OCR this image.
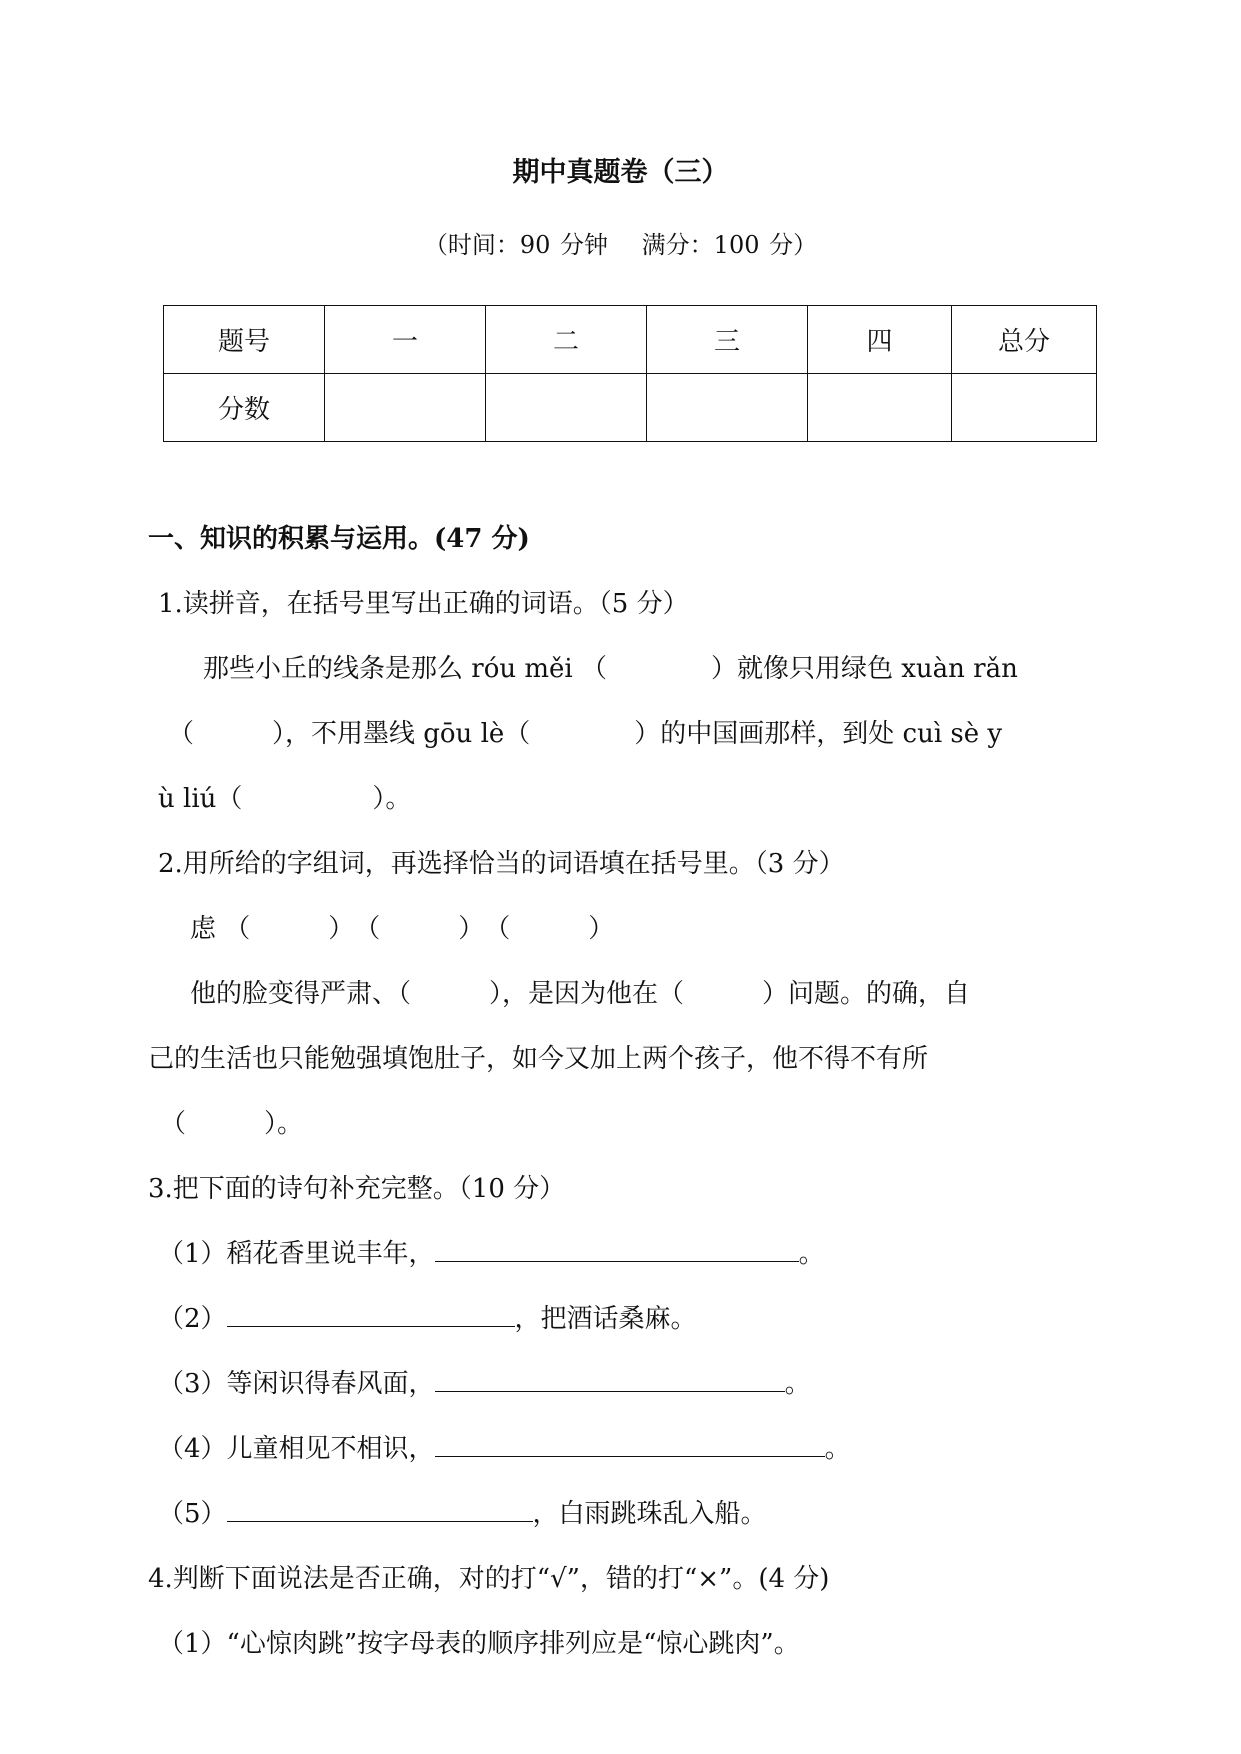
期中真题卷（三）
（时间：90 分钟　 满分：100 分）
题号	一	二	三	四	总分
分数					
一、知识的积累与运用。(47 分)
1.读拼音，在括号里写出正确的词语。（5 分）
那些小丘的线条是那么 róu měi （　　　　）就像只用绿色 xuàn rǎn
（　　　），不用墨线 gōu lè（　　　　）的中国画那样，到处 cuì sè y
ù liú（　　　　　）。
2.用所给的字组词，再选择恰当的词语填在括号里。（3 分）
虑 （　　　）　（　　　）　（　　　）
他的脸变得严肃、（　　　），是因为他在（　　　）问题。的确，自
己的生活也只能勉强填饱肚子，如今又加上两个孩子，他不得不有所
（　　　）。
3.把下面的诗句补充完整。（10 分）
（1）稻花香里说丰年，	。
（2）	，把酒话桑麻。
（3）等闲识得春风面，	。
（4）儿童相见不相识，	。
（5）	，白雨跳珠乱入船。
4.判断下面说法是否正确，对的打“√”，错的打“×”。(4 分)
（1）“心惊肉跳”按字母表的顺序排列应是“惊心跳肉”。
